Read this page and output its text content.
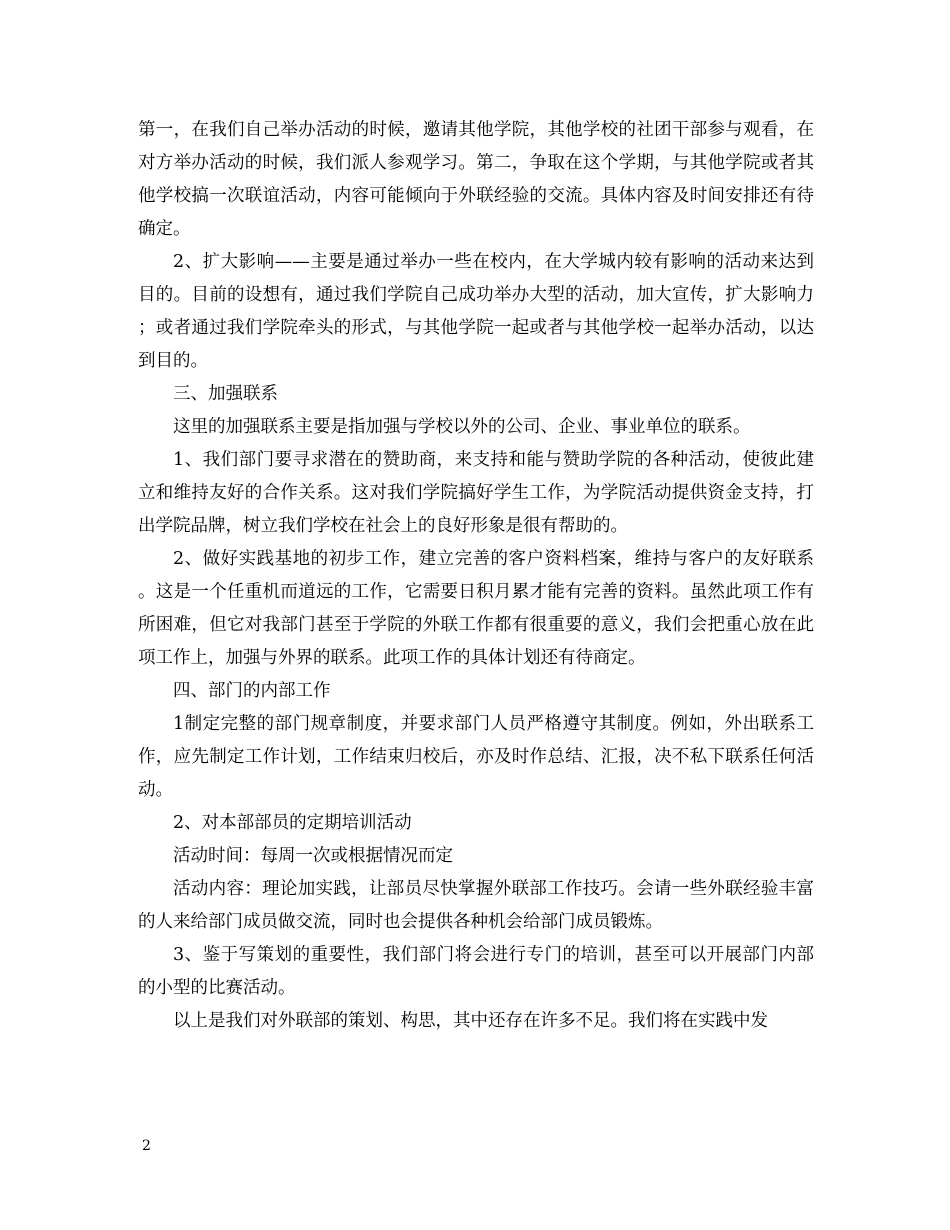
第一，在我们自己举办活动的时候，邀请其他学院，其他学校的社团干部参与观看，在对方举办活动的时候，我们派人参观学习。第二，争取在这个学期，与其他学院或者其他学校搞一次联谊活动，内容可能倾向于外联经验的交流。具体内容及时间安排还有待确定。

2、扩大影响——主要是通过举办一些在校内，在大学城内较有影响的活动来达到目的。目前的设想有，通过我们学院自己成功举办大型的活动，加大宣传，扩大影响力；或者通过我们学院牵头的形式，与其他学院一起或者与其他学校一起举办活动，以达到目的。

三、加强联系

这里的加强联系主要是指加强与学校以外的公司、企业、事业单位的联系。

1、我们部门要寻求潜在的赞助商，来支持和能与赞助学院的各种活动，使彼此建立和维持友好的合作关系。这对我们学院搞好学生工作，为学院活动提供资金支持，打出学院品牌，树立我们学校在社会上的良好形象是很有帮助的。

2、做好实践基地的初步工作，建立完善的客户资料档案，维持与客户的友好联系。这是一个任重机而道远的工作，它需要日积月累才能有完善的资料。虽然此项工作有所困难，但它对我部门甚至于学院的外联工作都有很重要的意义，我们会把重心放在此项工作上，加强与外界的联系。此项工作的具体计划还有待商定。

四、部门的内部工作

1制定完整的部门规章制度，并要求部门人员严格遵守其制度。例如，外出联系工作，应先制定工作计划，工作结束归校后，亦及时作总结、汇报，决不私下联系任何活动。

2、对本部部员的定期培训活动

活动时间：每周一次或根据情况而定

活动内容：理论加实践，让部员尽快掌握外联部工作技巧。会请一些外联经验丰富的人来给部门成员做交流，同时也会提供各种机会给部门成员锻炼。

3、鉴于写策划的重要性，我们部门将会进行专门的培训，甚至可以开展部门内部的小型的比赛活动。

以上是我们对外联部的策划、构思，其中还存在许多不足。我们将在实践中发

2
